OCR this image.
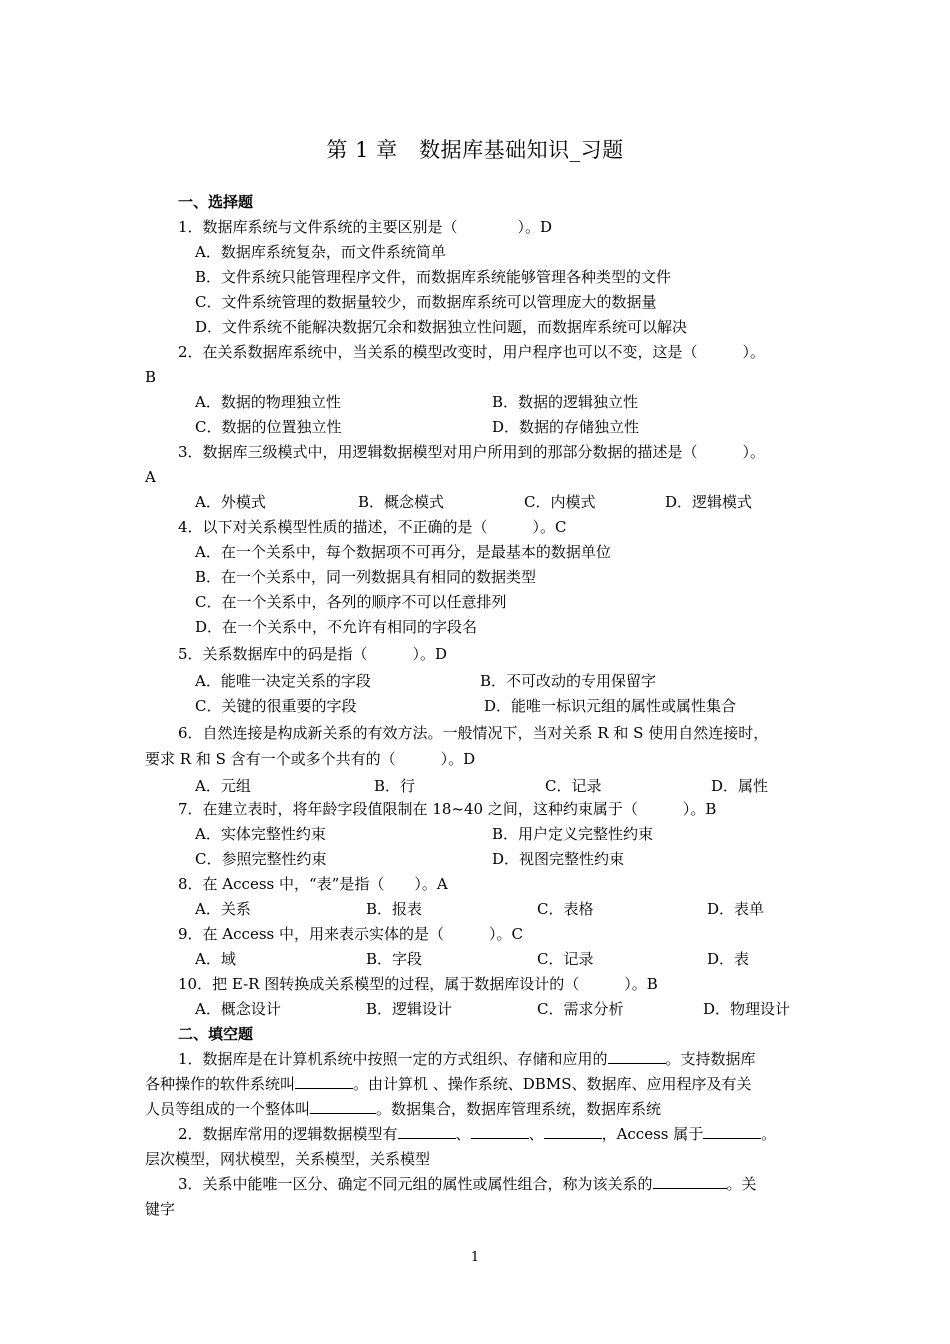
第 1 章　数据库基础知识_习题
一、选择题
1．数据库系统与文件系统的主要区别是（　　　　）。D
A．数据库系统复杂，而文件系统简单
B．文件系统只能管理程序文件，而数据库系统能够管理各种类型的文件
C．文件系统管理的数据量较少，而数据库系统可以管理庞大的数据量
D．文件系统不能解决数据冗余和数据独立性问题，而数据库系统可以解决
2．在关系数据库系统中，当关系的模型改变时，用户程序也可以不变，这是（　　　）。
B
A．数据的物理独立性	B．数据的逻辑独立性
C．数据的位置独立性	D．数据的存储独立性
3．数据库三级模式中，用逻辑数据模型对用户所用到的那部分数据的描述是（　　　）。
A
A．外模式	B．概念模式	C．内模式	D．逻辑模式
4．以下对关系模型性质的描述，不正确的是（　　　）。C
A．在一个关系中，每个数据项不可再分，是最基本的数据单位
B．在一个关系中，同一列数据具有相同的数据类型
C．在一个关系中，各列的顺序不可以任意排列
D．在一个关系中，不允许有相同的字段名
5．关系数据库中的码是指（　　　）。D
A．能唯一决定关系的字段	B．不可改动的专用保留字
C．关键的很重要的字段	D．能唯一标识元组的属性或属性集合
6．自然连接是构成新关系的有效方法。一般情况下，当对关系 R 和 S 使用自然连接时，
要求 R 和 S 含有一个或多个共有的（　　　）。D
A．元组	B．行	C．记录	D．属性
7．在建立表时，将年龄字段值限制在 18~40 之间，这种约束属于（　　　）。B
A．实体完整性约束	B．用户定义完整性约束
C．参照完整性约束	D．视图完整性约束
8．在 Access 中，“表”是指（　　）。A
A．关系	B．报表	C．表格	D．表单
9．在 Access 中，用来表示实体的是（　　　）。C
A．域	B．字段	C．记录	D．表
10．把 E-R 图转换成关系模型的过程，属于数据库设计的（　　　）。B
A．概念设计	B．逻辑设计	C．需求分析	D．物理设计
二、填空题
1．数据库是在计算机系统中按照一定的方式组织、存储和应用的	。支持数据库
各种操作的软件系统叫	。由计算机 、操作系统、DBMS、数据库、应用程序及有关
人员等组成的一个整体叫	。数据集合，数据库管理系统，数据库系统
2．数据库常用的逻辑数据模型有	、	、	，Access 属于	。
层次模型，网状模型，关系模型，关系模型
3．关系中能唯一区分、确定不同元组的属性或属性组合，称为该关系的	。关
键字
1
